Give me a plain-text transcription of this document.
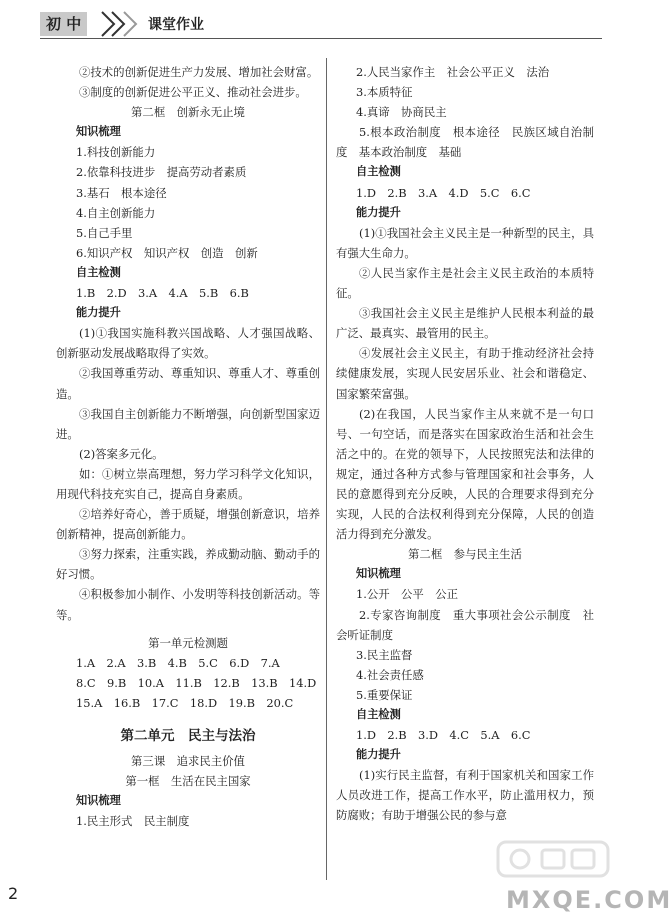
初 中	课堂作业

②技术的创新促进生产力发展、增加社会财富。

③制度的创新促进公平正义、推动社会进步。

第二框　创新永无止境

知识梳理

1.科技创新能力

2.依靠科技进步　提高劳动者素质

3.基石　根本途径

4.自主创新能力

5.自己手里

6.知识产权　知识产权　创造　创新

自主检测

1.B　2.D　3.A　4.A　5.B　6.B

能力提升

(1)①我国实施科教兴国战略、人才强国战略、创新驱动发展战略取得了实效。

②我国尊重劳动、尊重知识、尊重人才、尊重创造。

③我国自主创新能力不断增强，向创新型国家迈进。

(2)答案多元化。

如：①树立崇高理想，努力学习科学文化知识，用现代科技充实自己，提高自身素质。

②培养好奇心，善于质疑，增强创新意识，培养创新精神，提高创新能力。

③努力探索，注重实践，养成勤动脑、勤动手的好习惯。

④积极参加小制作、小发明等科技创新活动。等等。

第一单元检测题

1.A　2.A　3.B　4.B　5.C　6.D　7.A

8.C　9.B　10.A　11.B　12.B　13.B　14.D

15.A　16.B　17.C　18.D　19.B　20.C

第二单元　民主与法治

第三课　追求民主价值

第一框　生活在民主国家

知识梳理

1.民主形式　民主制度

2.人民当家作主　社会公平正义　法治

3.本质特征

4.真谛　协商民主

5.根本政治制度　根本途径　民族区域自治制度　基本政治制度　基础

自主检测

1.D　2.B　3.A　4.D　5.C　6.C

能力提升

(1)①我国社会主义民主是一种新型的民主，具有强大生命力。

②人民当家作主是社会主义民主政治的本质特征。

③我国社会主义民主是维护人民根本利益的最广泛、最真实、最管用的民主。

④发展社会主义民主，有助于推动经济社会持续健康发展，实现人民安居乐业、社会和谐稳定、国家繁荣富强。

(2)在我国，人民当家作主从来就不是一句口号、一句空话，而是落实在国家政治生活和社会生活之中的。在党的领导下，人民按照宪法和法律的规定，通过各种方式参与管理国家和社会事务，人民的意愿得到充分反映，人民的合理要求得到充分实现，人民的合法权利得到充分保障，人民的创造活力得到充分激发。

第二框　参与民主生活

知识梳理

1.公开　公平　公正

2.专家咨询制度　重大事项社会公示制度　社会听证制度

3.民主监督

4.社会责任感

5.重要保证

自主检测

1.D　2.B　3.D　4.C　5.A　6.C

能力提升

(1)实行民主监督，有利于国家机关和国家工作人员改进工作，提高工作水平，防止滥用权力，预防腐败；有助于增强公民的参与意

2	MXQE.COM
